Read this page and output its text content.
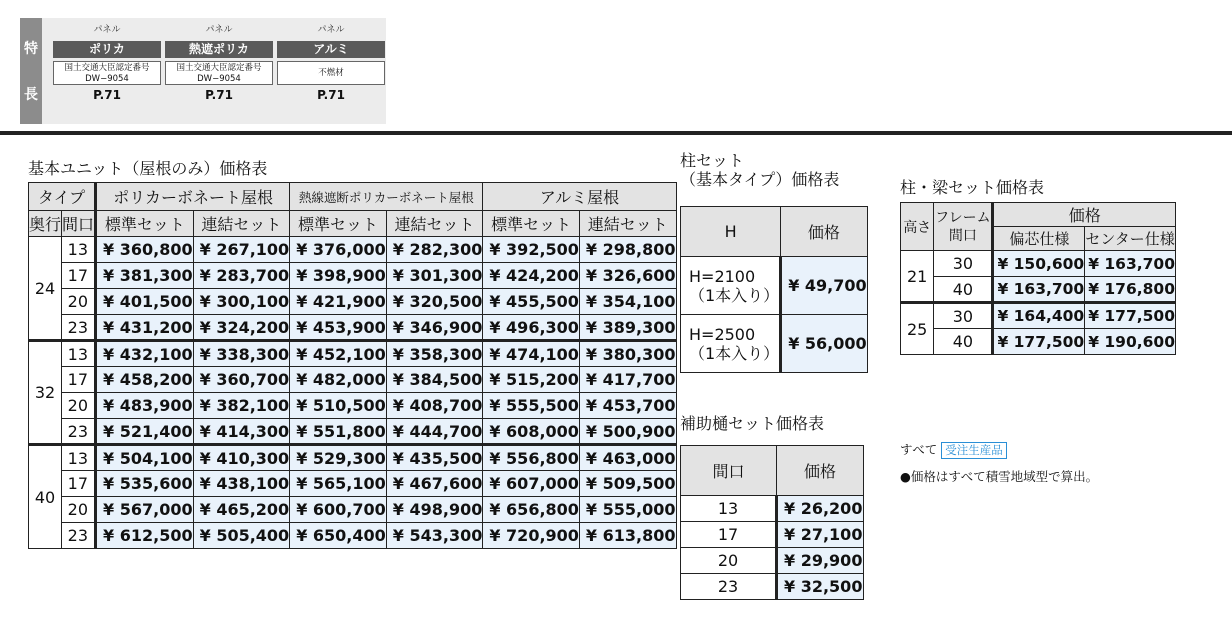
特
長
パネル
ポリカ
国土交通大臣認定番号
DW−9054
P.71
パネル
熱遮ポリカ
国土交通大臣認定番号
DW−9054
P.71
パネル
アルミ
不燃材
P.71
基本ユニット（屋根のみ）価格表
タイプ		ポリカーボネート屋根		熱線遮断ポリカーボネート屋根		アルミ屋根	
奥行	間口	標準セット	連結セット	標準セット	連結セット	標準セット	連結セット
24	13	¥ 360,800	¥ 267,100	¥ 376,000	¥ 282,300	¥ 392,500	¥ 298,800
	17	¥ 381,300	¥ 283,700	¥ 398,900	¥ 301,300	¥ 424,200	¥ 326,600
	20	¥ 401,500	¥ 300,100	¥ 421,900	¥ 320,500	¥ 455,500	¥ 354,100
	23	¥ 431,200	¥ 324,200	¥ 453,900	¥ 346,900	¥ 496,300	¥ 389,300
32	13	¥ 432,100	¥ 338,300	¥ 452,100	¥ 358,300	¥ 474,100	¥ 380,300
	17	¥ 458,200	¥ 360,700	¥ 482,000	¥ 384,500	¥ 515,200	¥ 417,700
	20	¥ 483,900	¥ 382,100	¥ 510,500	¥ 408,700	¥ 555,500	¥ 453,700
	23	¥ 521,400	¥ 414,300	¥ 551,800	¥ 444,700	¥ 608,000	¥ 500,900
40	13	¥ 504,100	¥ 410,300	¥ 529,300	¥ 435,500	¥ 556,800	¥ 463,000
	17	¥ 535,600	¥ 438,100	¥ 565,100	¥ 467,600	¥ 607,000	¥ 509,500
	20	¥ 567,000	¥ 465,200	¥ 600,700	¥ 498,900	¥ 656,800	¥ 555,000
	23	¥ 612,500	¥ 505,400	¥ 650,400	¥ 543,300	¥ 720,900	¥ 613,800
柱セット
（基本タイプ）価格表
H	価格

H=2100
（1本入り）	¥ 49,700

H=2500
（1本入り）	¥ 56,000
柱・梁セット価格表
高さ	フレーム
間口	価格	
		偏芯仕様	センター仕様
21	30	¥ 150,600	¥ 163,700
	40	¥ 163,700	¥ 176,800
25	30	¥ 164,400	¥ 177,500
	40	¥ 177,500	¥ 190,600
補助樋セット価格表
間口	価格
13	¥ 26,200
17	¥ 27,100
20	¥ 29,900
23	¥ 32,500
すべて 受注生産品
●価格はすべて積雪地域型で算出。
